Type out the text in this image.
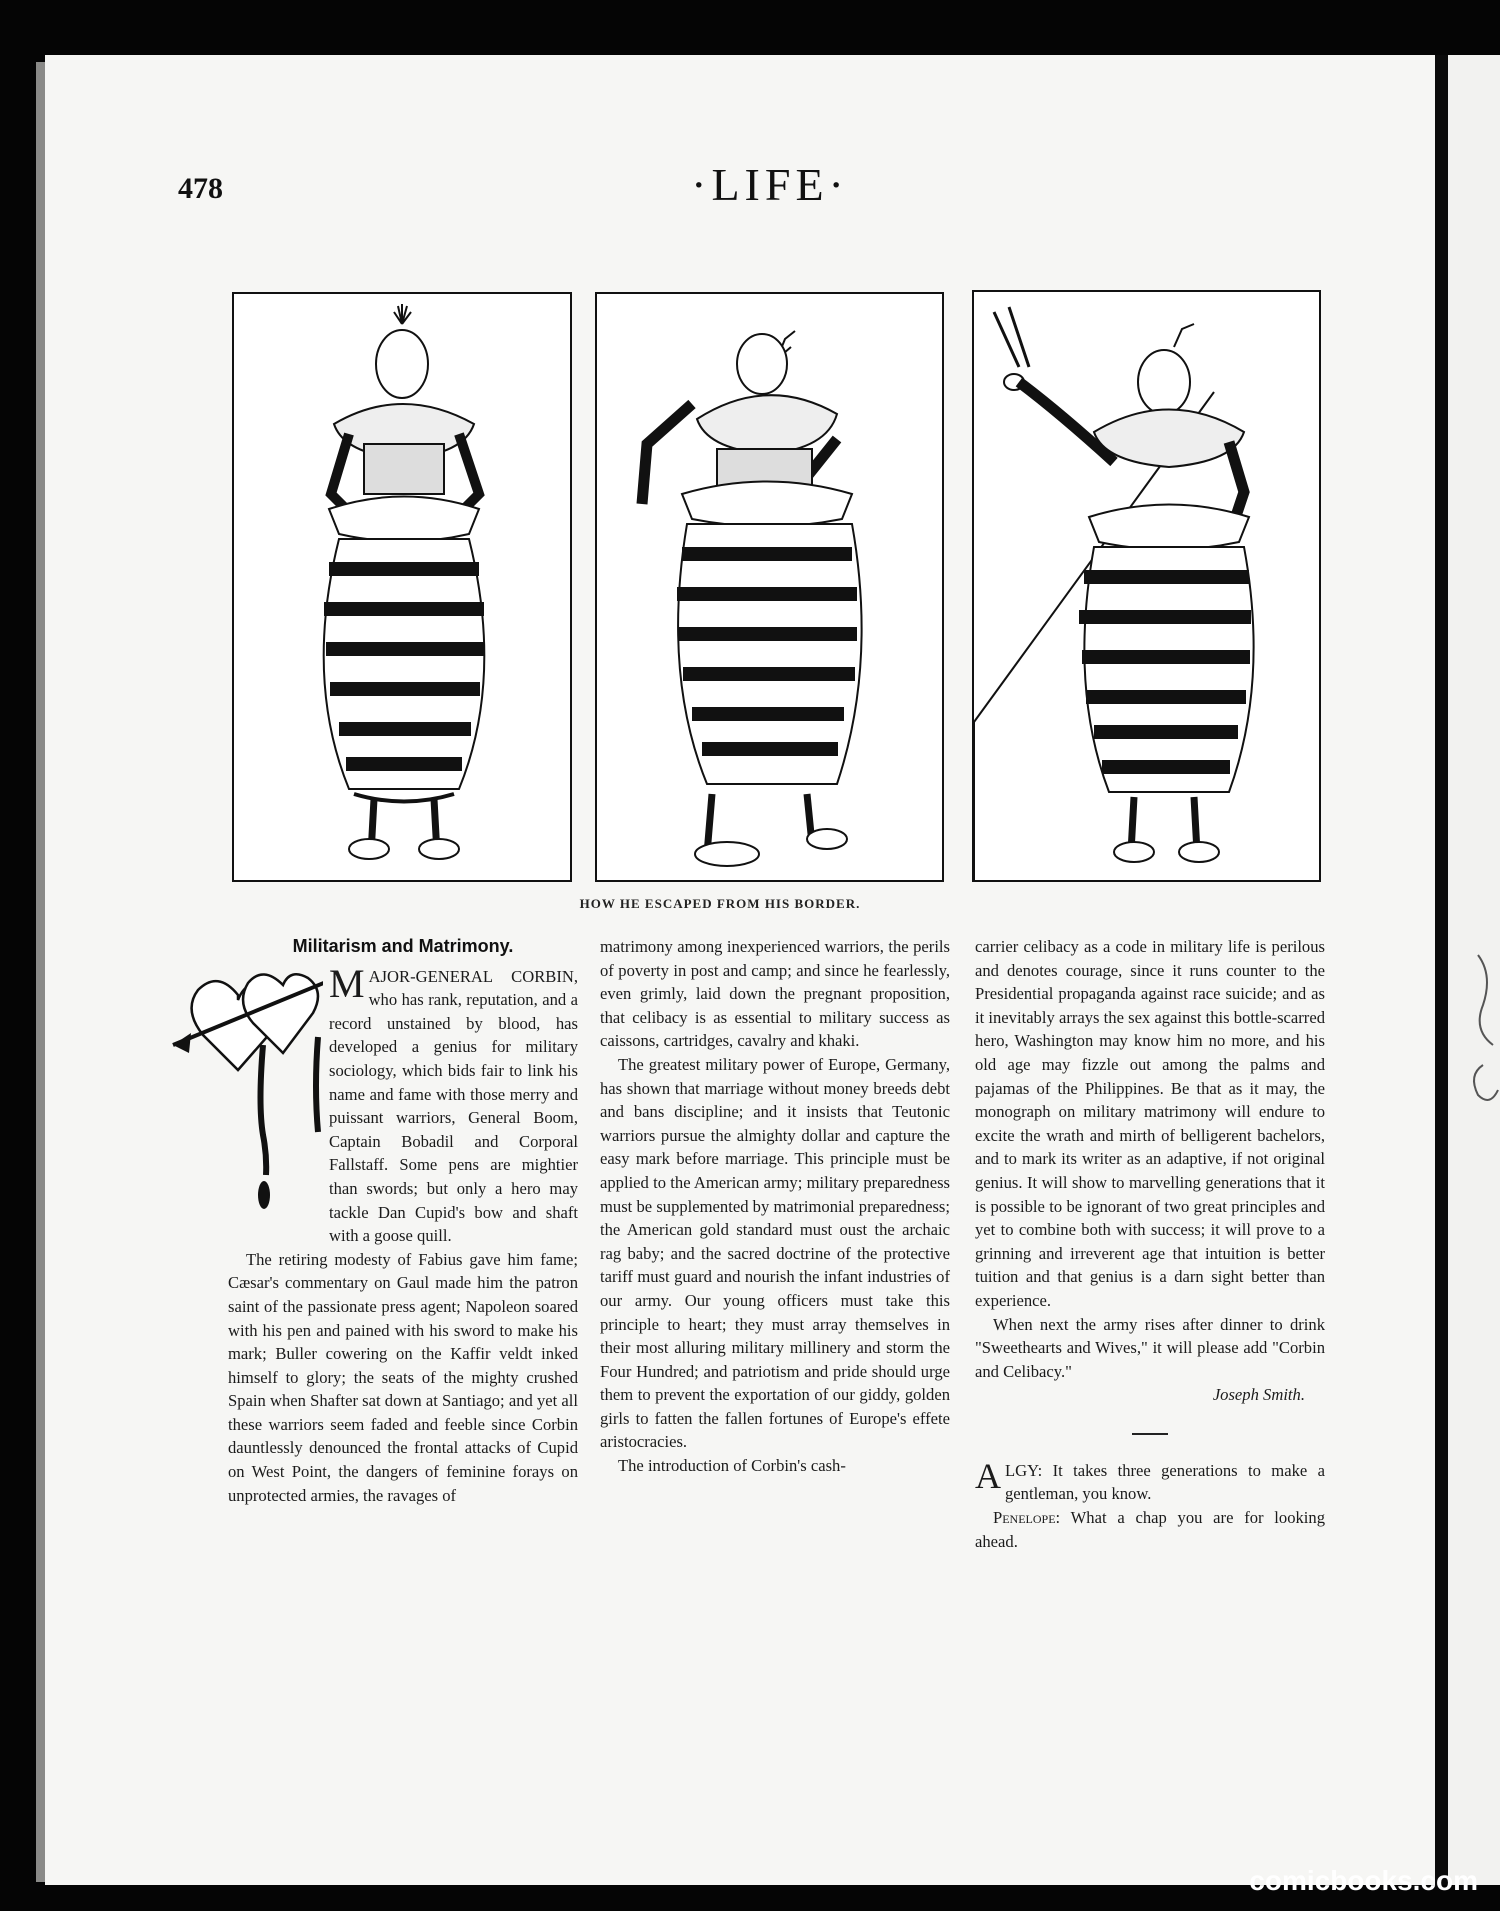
478	·LIFE·
HOW HE ESCAPED FROM HIS BORDER.
Militarism and Matrimony.

MAJOR-GENERAL CORBIN, who has rank, reputation, and a record unstained by blood, has developed a genius for military sociology, which bids fair to link his name and fame with those merry and puissant warriors, General Boom, Captain Bobadil and Corporal Fallstaff. Some pens are mightier than swords; but only a hero may tackle Dan Cupid's bow and shaft with a goose quill.

The retiring modesty of Fabius gave him fame; Cæsar's commentary on Gaul made him the patron saint of the passionate press agent; Napoleon soared with his pen and pained with his sword to make his mark; Buller cowering on the Kaffir veldt inked himself to glory; the seats of the mighty crushed Spain when Shafter sat down at Santiago; and yet all these warriors seem faded and feeble since Corbin dauntlessly denounced the frontal attacks of Cupid on West Point, the dangers of feminine forays on unprotected armies, the ravages of

matrimony among inexperienced warriors, the perils of poverty in post and camp; and since he fearlessly, even grimly, laid down the pregnant proposition, that celibacy is as essential to military success as caissons, cartridges, cavalry and khaki.

The greatest military power of Europe, Germany, has shown that marriage without money breeds debt and bans discipline; and it insists that Teutonic warriors pursue the almighty dollar and capture the easy mark before marriage. This principle must be applied to the American army; military preparedness must be supplemented by matrimonial preparedness; the American gold standard must oust the archaic rag baby; and the sacred doctrine of the protective tariff must guard and nourish the infant industries of our army. Our young officers must take this principle to heart; they must array themselves in their most alluring military millinery and storm the Four Hundred; and patriotism and pride should urge them to prevent the exportation of our giddy, golden girls to fatten the fallen fortunes of Europe's effete aristocracies.

The introduction of Corbin's cash-

carrier celibacy as a code in military life is perilous and denotes courage, since it runs counter to the Presidential propaganda against race suicide; and as it inevitably arrays the sex against this bottle-scarred hero, Washington may know him no more, and his old age may fizzle out among the palms and pajamas of the Philippines. Be that as it may, the monograph on military matrimony will endure to excite the wrath and mirth of belligerent bachelors, and to mark its writer as an adaptive, if not original genius. It will show to marvelling generations that it is possible to be ignorant of two great principles and yet to combine both with success; it will prove to a grinning and irreverent age that intuition is better tuition and that genius is a darn sight better than experience.

When next the army rises after dinner to drink "Sweethearts and Wives," it will please add "Corbin and Celibacy."

Joseph Smith.

ALGY: It takes three generations to make a gentleman, you know.

Penelope: What a chap you are for looking ahead.

comicbooks.com
